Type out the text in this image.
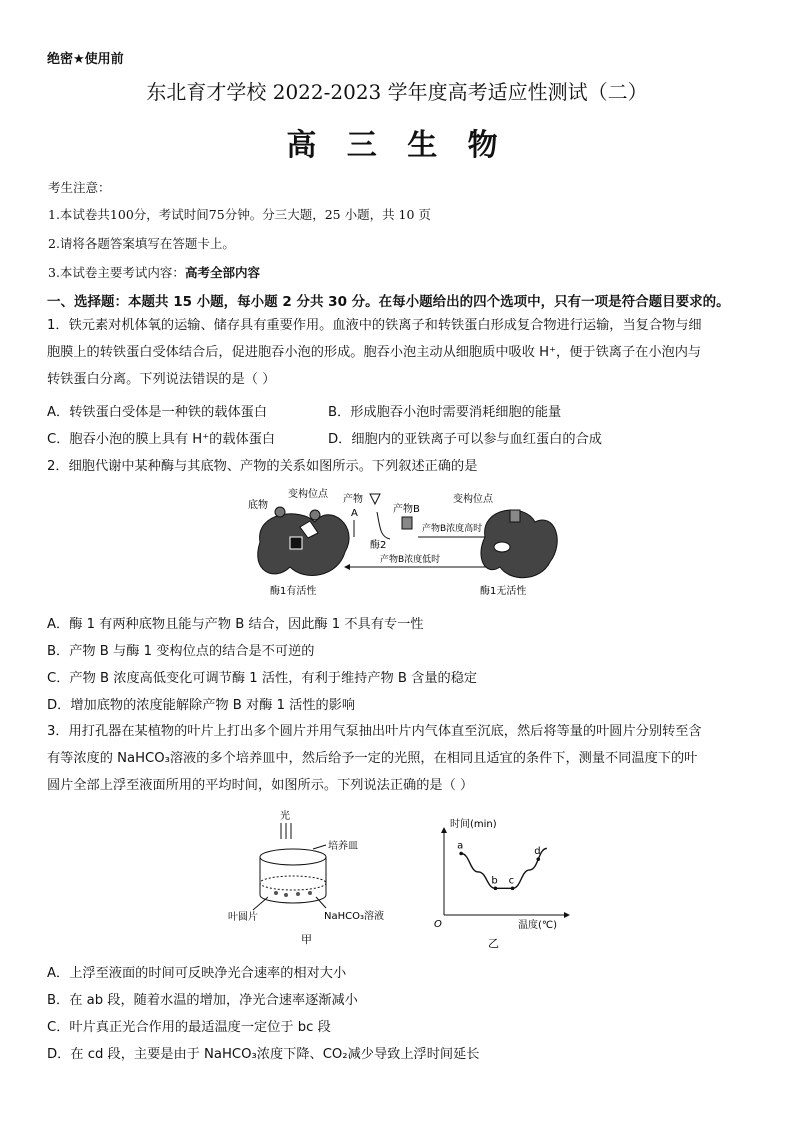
绝密★使用前
东北育才学校 2022-2023 学年度高考适应性测试（二）
高 三 生 物
考生注意：
1.本试卷共100分，考试时间75分钟。分三大题，25 小题，共 10 页
2.请将各题答案填写在答题卡上。
3.本试卷主要考试内容：高考全部内容
一、选择题：本题共 15 小题，每小题 2 分共 30 分。在每小题给出的四个选项中，只有一项是符合题目要求的。
1．铁元素对机体氧的运输、储存具有重要作用。血液中的铁离子和转铁蛋白形成复合物进行运输，当复合物与细
胞膜上的转铁蛋白受体结合后，促进胞吞小泡的形成。胞吞小泡主动从细胞质中吸收 H⁺，便于铁离子在小泡内与
转铁蛋白分离。下列说法错误的是（ ）
A．转铁蛋白受体是一种铁的载体蛋白	B．形成胞吞小泡时需要消耗细胞的能量
C．胞吞小泡的膜上具有 H⁺的载体蛋白	D．细胞内的亚铁离子可以参与血红蛋白的合成
2．细胞代谢中某种酶与其底物、产物的关系如图所示。下列叙述正确的是
底物
变构位点
酶1有活性
产物
A
酶2
产物B
产物B浓度高时
产物B浓度低时
变构位点
酶1无活性
A．酶 1 有两种底物且能与产物 B 结合，因此酶 1 不具有专一性
B．产物 B 与酶 1 变构位点的结合是不可逆的
C．产物 B 浓度高低变化可调节酶 1 活性，有利于维持产物 B 含量的稳定
D．增加底物的浓度能解除产物 B 对酶 1 活性的影响
3．用打孔器在某植物的叶片上打出多个圆片并用气泵抽出叶片内气体直至沉底，然后将等量的叶圆片分别转至含
有等浓度的 NaHCO₃溶液的多个培养皿中，然后给予一定的光照，在相同且适宜的条件下，测量不同温度下的叶
圆片全部上浮至液面所用的平均时间，如图所示。下列说法正确的是（ ）
光
培养皿
叶圆片	NaHCO₃溶液
甲
时间(min)
温度(℃)
O
a
b c
d
乙
A．上浮至液面的时间可反映净光合速率的相对大小
B．在 ab 段，随着水温的增加，净光合速率逐渐减小
C．叶片真正光合作用的最适温度一定位于 bc 段
D．在 cd 段，主要是由于 NaHCO₃浓度下降、CO₂减少导致上浮时间延长
